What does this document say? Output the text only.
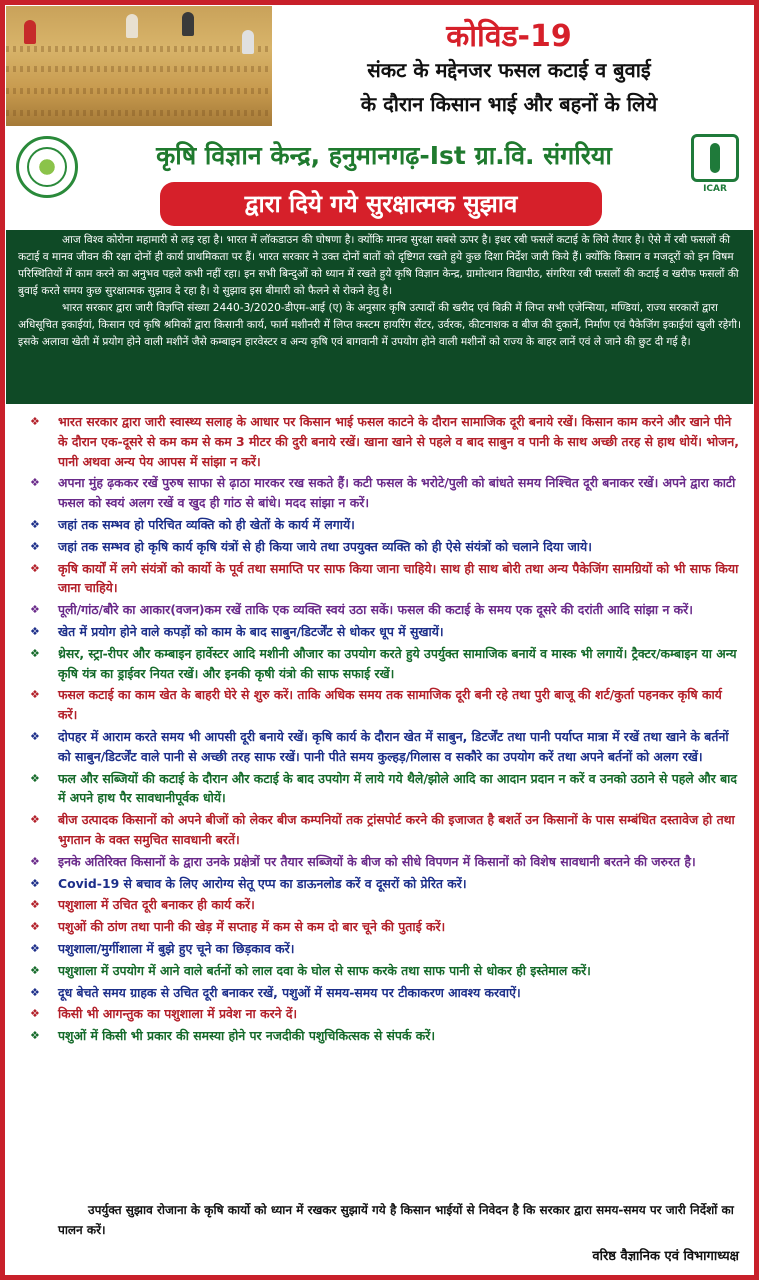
कोविड-19
संकट के मद्देनजर फसल कटाई व बुवाई
के दौरान किसान भाई और बहनों के लिये
कृषि विज्ञान केन्द्र, हनुमानगढ़-Ist ग्रा.वि. संगरिया
ICAR
द्वारा दिये गये सुरक्षात्मक सुझाव

आज विश्व कोरोना महामारी से लड़ रहा है। भारत में लॉकडाउन की घोषणा है। क्योंकि मानव सुरक्षा सबसे ऊपर है। इधर रबी फसलें कटाई के लिये तैयार है। ऐसे में रबी फसलों की कटाई व मानव जीवन की रक्षा दोनों ही कार्य प्राथमिकता पर हैं। भारत सरकार ने उक्त दोनों बातों को दृष्टिगत रखते हुये कुछ दिशा निर्देश जारी किये हैं। क्योंकि किसान व मजदूरों को इन विषम परिस्थितियों में काम करने का अनुभव पहले कभी नहीं रहा। इन सभी बिन्दुओं को ध्यान में रखते हुये कृषि विज्ञान केन्द्र, ग्रामोत्थान विद्यापीठ, संगरिया रबी फसलों की कटाई व खरीफ फसलों की बुवाई करते समय कुछ सुरक्षात्मक सुझाव दे रहा है। ये सुझाव इस बीमारी को फैलने से रोकने हेतु है।

भारत सरकार द्वारा जारी विज्ञप्ति संख्या 2440-3/2020-डीएम-आई (ए) के अनुसार कृषि उत्पादों की खरीद एवं बिक्री में लिप्त सभी एजेन्सिया, मण्डियां, राज्य सरकारों द्वारा अधिसूचित इकाईयां, किसान एवं कृषि श्रमिकों द्वारा किसानी कार्य, फार्म मशीनरी में लिप्त कस्टम हायरिंग सेंटर, उर्वरक, कीटनाशक व बीज की दुकानें, निर्माण एवं पैकेजिंग इकाईयां खुली रहेगी। इसके अलावा खेती में प्रयोग होने वाली मशीनें जैसे कम्बाइन हारवेस्टर व अन्य कृषि एवं बागवानी में उपयोग होने वाली मशीनों को राज्य के बाहर लानें एवं ले जाने की छुट दी गई है।

❖ भारत सरकार द्वारा जारी स्वास्थ्य सलाह के आधार पर किसान भाई फसल काटने के दौरान सामाजिक दूरी बनाये रखें। किसान काम करने और खाने पीने के दौरान एक-दूसरे से कम कम से कम 3 मीटर की दुरी बनाये रखें। खाना खाने से पहले व बाद साबुन व पानी के साथ अच्छी तरह से हाथ धोयें। भोजन, पानी अथवा अन्य पेय आपस में सांझा न करें।
❖ अपना मुंह ढ़ककर रखें पुरुष साफा से ढ़ाठा मारकर रख सकते हैं। कटी फसल के भरोटे/पुली को बांधते समय निश्चित दूरी बनाकर रखें। अपने द्वारा काटी फसल को स्वयं अलग रखें व खुद ही गांठ से बांधे। मदद सांझा न करें।
❖ जहां तक सम्भव हो परिचित व्यक्ति को ही खेतों के कार्य में लगायें।
❖ जहां तक सम्भव हो कृषि कार्य कृषि यंत्रों से ही किया जाये तथा उपयुक्त व्यक्ति को ही ऐसे संयंत्रों को चलाने दिया जाये।
❖ कृषि कार्यों में लगे संयंत्रों को कार्यो के पूर्व तथा समाप्ति पर साफ किया जाना चाहिये। साथ ही साथ बोरी तथा अन्य पैकेजिंग सामग्रियों को भी साफ किया जाना चाहिये।
❖ पूली/गांठ/बौरे का आकार(वजन)कम रखें ताकि एक व्यक्ति स्वयं उठा सकें। फसल की कटाई के समय एक दूसरे की दरांती आदि सांझा न करें।
❖ खेत में प्रयोग होने वाले कपड़ों को काम के बाद साबुन/डिटर्जेंट से धोकर धूप में सुखायें।
❖ थ्रेसर, स्ट्रा-रीपर और कम्बाइन हार्वेस्टर आदि मशीनी औजार का उपयोग करते हुये उपर्युक्त सामाजिक बनायें व मास्क भी लगायें। ट्रैक्टर/कम्बाइन या अन्य कृषि यंत्र का ड्राईवर नियत रखें। और इनकी कृषी यंत्रो की साफ सफाई रखें।
❖ फसल कटाई का काम खेत के बाहरी घेरे से शुरु करें। ताकि अधिक समय तक सामाजिक दूरी बनी रहे तथा पुरी बाजू की शर्ट/कुर्ता पहनकर कृषि कार्य करें।
❖ दोपहर में आराम करते समय भी आपसी दूरी बनाये रखें। कृषि कार्य के दौरान खेत में साबुन, डिटर्जेंट तथा पानी पर्याप्त मात्रा में रखें तथा खाने के बर्तनों को साबुन/डिटर्जेंट वाले पानी से अच्छी तरह साफ रखें। पानी पीते समय कुल्हड़/गिलास व सकौरे का उपयोग करें तथा अपने बर्तनों को अलग रखें।
❖ फल और सब्जियों की कटाई के दौरान और कटाई के बाद उपयोग में लाये गये थैले/झोले आदि का आदान प्रदान न करें व उनको उठाने से पहले और बाद में अपने हाथ पैर सावधानीपूर्वक धोयें।
❖ बीज उत्पादक किसानों को अपने बीजों को लेकर बीज कम्पनियों तक ट्रांसपोर्ट करने की इजाजत है बशर्ते उन किसानों के पास सम्बंधित दस्तावेज हो तथा भुगतान के वक्त समुचित सावधानी बरतें।
❖ इनके अतिरिक्त किसानों के द्वारा उनके प्रक्षेत्रों पर तैयार सब्जियों के बीज को सीधे विपणन में किसानों को विशेष सावधानी बरतने की जरुरत है।
❖ Covid-19 से बचाव के लिए आरोग्य सेतू एप्प का डाऊनलोड करें व दूसरों को प्रेरित करें।
❖ पशुशाला में उचित दूरी बनाकर ही कार्य करें।
❖ पशुओं की ठांण तथा पानी की खेड़ में सप्ताह में कम से कम दो बार चूने की पुताई करें।
❖ पशुशाला/मुर्गीशाला में बुझे हुए चूने का छिड़काव करें।
❖ पशुशाला में उपयोग में आने वाले बर्तनों को लाल दवा के घोल से साफ करके तथा साफ पानी से धोकर ही इस्तेमाल करें।
❖ दूध बेचते समय ग्राहक से उचित दूरी बनाकर रखें, पशुओं में समय-समय पर टीकाकरण आवश्य करवाऐं।
❖ किसी भी आगन्तुक का पशुशाला में प्रवेश ना करने दें।
❖ पशुओं में किसी भी प्रकार की समस्या होने पर नजदीकी पशुचिकित्सक से संपर्क करें।
उपर्युक्त सुझाव रोजाना के कृषि कार्यो को ध्यान में रखकर सुझायें गये है किसान भाईयों से निवेदन है कि सरकार द्वारा समय-समय पर जारी निर्देशों का पालन करें।
वरिष्ठ वैज्ञानिक एवं विभागाध्यक्ष
